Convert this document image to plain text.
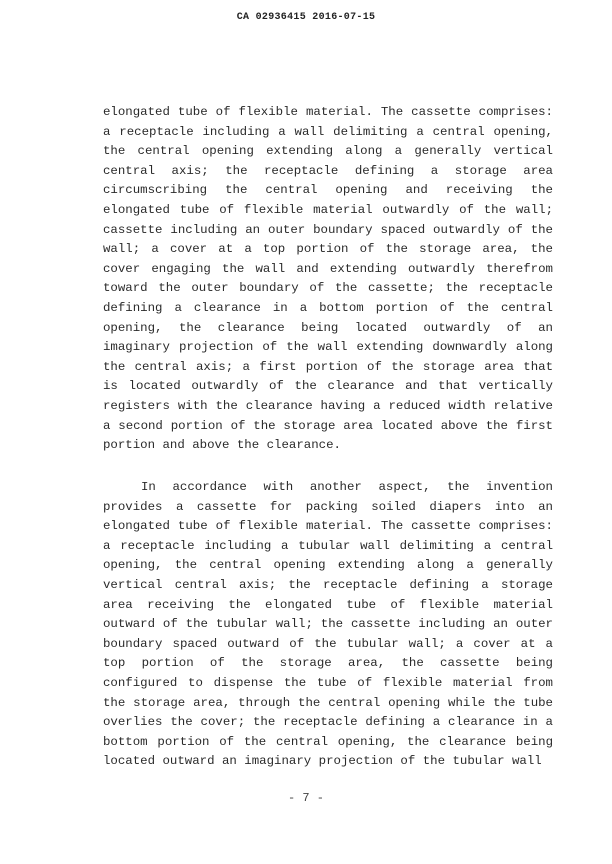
CA 02936415 2016-07-15

elongated tube of flexible material. The cassette comprises: a receptacle including a wall delimiting a central opening, the central opening extending along a generally vertical central axis; the receptacle defining a storage area circumscribing the central opening and receiving the elongated tube of flexible material outwardly of the wall; cassette including an outer boundary spaced outwardly of the wall; a cover at a top portion of the storage area, the cover engaging the wall and extending outwardly therefrom toward the outer boundary of the cassette; the receptacle defining a clearance in a bottom portion of the central opening, the clearance being located outwardly of an imaginary projection of the wall extending downwardly along the central axis; a first portion of the storage area that is located outwardly of the clearance and that vertically registers with the clearance having a reduced width relative a second portion of the storage area located above the first portion and above the clearance.

In accordance with another aspect, the invention provides a cassette for packing soiled diapers into an elongated tube of flexible material. The cassette comprises: a receptacle including a tubular wall delimiting a central opening, the central opening extending along a generally vertical central axis; the receptacle defining a storage area receiving the elongated tube of flexible material outward of the tubular wall; the cassette including an outer boundary spaced outward of the tubular wall; a cover at a top portion of the storage area, the cassette being configured to dispense the tube of flexible material from the storage area, through the central opening while the tube overlies the cover; the receptacle defining a clearance in a bottom portion of the central opening, the clearance being located outward an imaginary projection of the tubular wall

- 7 -
